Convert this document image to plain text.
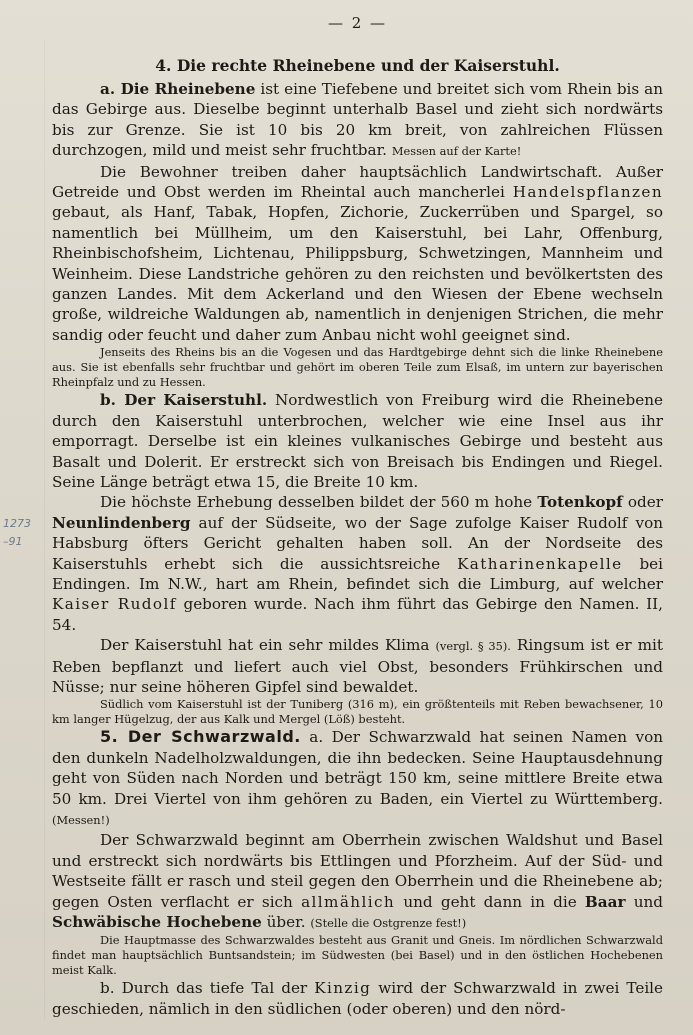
1273
–91
— 2 —
4. Die rechte Rheinebene und der Kaiserstuhl.

a. Die Rheinebene ist eine Tiefebene und breitet sich vom Rhein bis an das Gebirge aus. Dieselbe beginnt unterhalb Basel und zieht sich nordwärts bis zur Grenze. Sie ist 10 bis 20 km breit, von zahlreichen Flüssen durchzogen, mild und meist sehr fruchtbar. Messen auf der Karte!

Die Bewohner treiben daher hauptsächlich Landwirtschaft. Außer Getreide und Obst werden im Rheintal auch mancherlei Handelspflanzen gebaut, als Hanf, Tabak, Hopfen, Zichorie, Zuckerrüben und Spargel, so namentlich bei Müllheim, um den Kaiserstuhl, bei Lahr, Offenburg, Rheinbischofsheim, Lichtenau, Philippsburg, Schwetzingen, Mannheim und Weinheim. Diese Landstriche gehören zu den reichsten und bevölkertsten des ganzen Landes. Mit dem Ackerland und den Wiesen der Ebene wechseln große, wildreiche Waldungen ab, namentlich in denjenigen Strichen, die mehr sandig oder feucht und daher zum Anbau nicht wohl geeignet sind.

Jenseits des Rheins bis an die Vogesen und das Hardtgebirge dehnt sich die linke Rheinebene aus. Sie ist ebenfalls sehr fruchtbar und gehört im oberen Teile zum Elsaß, im untern zur bayerischen Rheinpfalz und zu Hessen.

b. Der Kaiserstuhl. Nordwestlich von Freiburg wird die Rheinebene durch den Kaiserstuhl unterbrochen, welcher wie eine Insel aus ihr emporragt. Derselbe ist ein kleines vulkanisches Gebirge und besteht aus Basalt und Dolerit. Er erstreckt sich von Breisach bis Endingen und Riegel. Seine Länge beträgt etwa 15, die Breite 10 km.

Die höchste Erhebung desselben bildet der 560 m hohe Totenkopf oder Neunlindenberg auf der Südseite, wo der Sage zufolge Kaiser Rudolf von Habsburg öfters Gericht gehalten haben soll. An der Nordseite des Kaiserstuhls erhebt sich die aussichtsreiche Katharinenkapelle bei Endingen. Im N.W., hart am Rhein, befindet sich die Limburg, auf welcher Kaiser Rudolf geboren wurde. Nach ihm führt das Gebirge den Namen. II, 54.

Der Kaiserstuhl hat ein sehr mildes Klima (vergl. § 35). Ringsum ist er mit Reben bepflanzt und liefert auch viel Obst, besonders Frühkirschen und Nüsse; nur seine höheren Gipfel sind bewaldet.

Südlich vom Kaiserstuhl ist der Tuniberg (316 m), ein größtenteils mit Reben bewachsener, 10 km langer Hügelzug, der aus Kalk und Mergel (Löß) besteht.

5. Der Schwarzwald. a. Der Schwarzwald hat seinen Namen von den dunkeln Nadelholzwaldungen, die ihn bedecken. Seine Hauptausdehnung geht von Süden nach Norden und beträgt 150 km, seine mittlere Breite etwa 50 km. Drei Viertel von ihm gehören zu Baden, ein Viertel zu Württemberg. (Messen!)

Der Schwarzwald beginnt am Oberrhein zwischen Waldshut und Basel und erstreckt sich nordwärts bis Ettlingen und Pforzheim. Auf der Süd- und Westseite fällt er rasch und steil gegen den Oberrhein und die Rheinebene ab; gegen Osten verflacht er sich allmählich und geht dann in die Baar und Schwäbische Hochebene über. (Stelle die Ostgrenze fest!)

Die Hauptmasse des Schwarzwaldes besteht aus Granit und Gneis. Im nördlichen Schwarzwald findet man hauptsächlich Buntsandstein; im Südwesten (bei Basel) und in den östlichen Hochebenen meist Kalk.

b. Durch das tiefe Tal der Kinzig wird der Schwarzwald in zwei Teile geschieden, nämlich in den südlichen (oder oberen) und den nörd-
